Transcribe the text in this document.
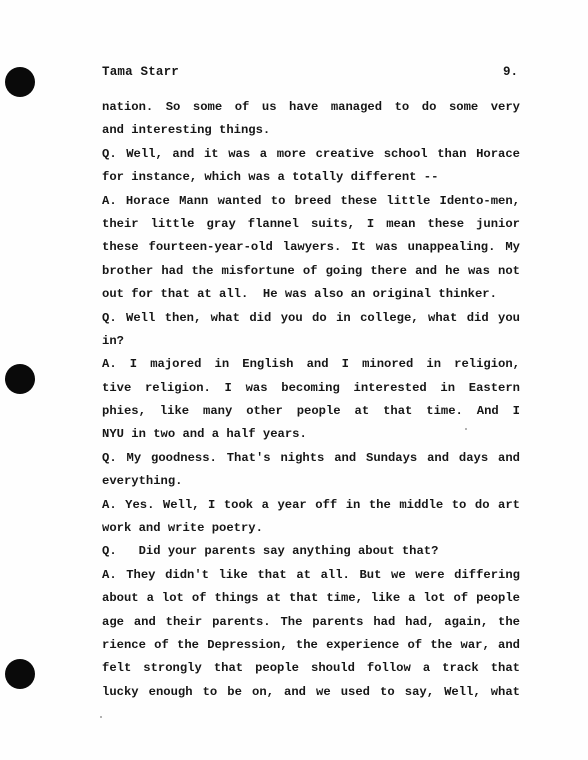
Tama Starr	9.
nation. So some of us have managed to do some very
and interesting things.
Q. Well, and it was a more creative school than Horace
for instance, which was a totally different --
A. Horace Mann wanted to breed these little Idento-men,
their little gray flannel suits, I mean these junior
these fourteen-year-old lawyers. It was unappealing. My
brother had the misfortune of going there and he was not
out for that at all.  He was also an original thinker.
Q. Well then, what did you do in college, what did you
in?
A. I majored in English and I minored in religion,
tive religion. I was becoming interested in Eastern
phies, like many other people at that time. And I
NYU in two and a half years.
Q. My goodness. That's nights and Sundays and days and
everything.
A. Yes. Well, I took a year off in the middle to do art
work and write poetry.
Q.   Did your parents say anything about that?
A. They didn't like that at all. But we were differing
about a lot of things at that time, like a lot of people
age and their parents. The parents had had, again, the
rience of the Depression, the experience of the war, and
felt strongly that people should follow a track that
lucky enough to be on, and we used to say, Well, what
